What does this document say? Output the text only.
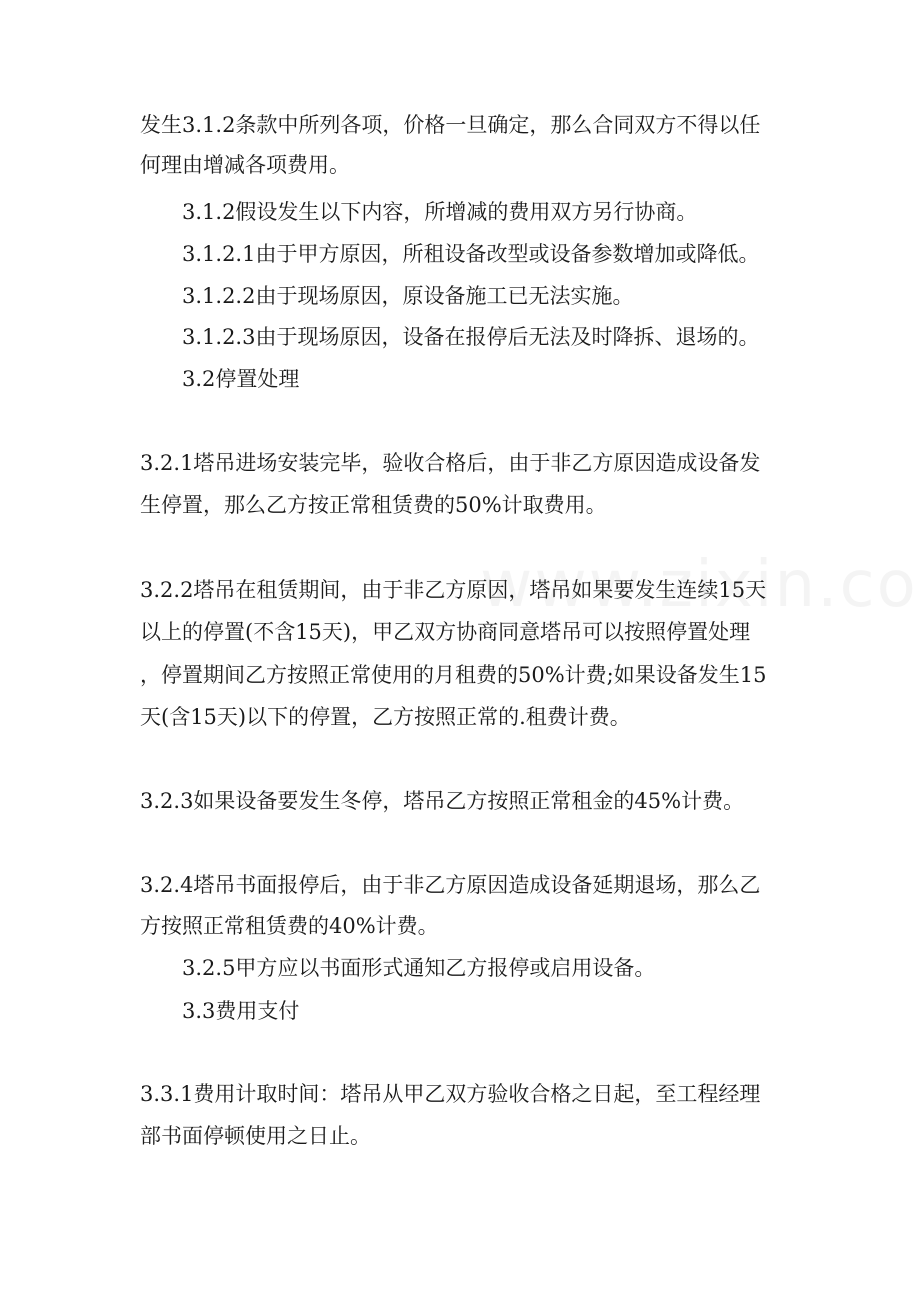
发生3.1.2条款中所列各项，价格一旦确定，那么合同双方不得以任
何理由增减各项费用。
3.1.2假设发生以下内容，所增减的费用双方另行协商。
3.1.2.1由于甲方原因，所租设备改型或设备参数增加或降低。
3.1.2.2由于现场原因，原设备施工已无法实施。
3.1.2.3由于现场原因，设备在报停后无法及时降拆、退场的。
3.2停置处理
3.2.1塔吊进场安装完毕，验收合格后，由于非乙方原因造成设备发
生停置，那么乙方按正常租赁费的50%计取费用。
3.2.2塔吊在租赁期间，由于非乙方原因，塔吊如果要发生连续15天
以上的停置(不含15天)，甲乙双方协商同意塔吊可以按照停置处理
，停置期间乙方按照正常使用的月租费的50%计费;如果设备发生15
天(含15天)以下的停置，乙方按照正常的.租费计费。
3.2.3如果设备要发生冬停，塔吊乙方按照正常租金的45%计费。
3.2.4塔吊书面报停后，由于非乙方原因造成设备延期退场，那么乙
方按照正常租赁费的40%计费。
3.2.5甲方应以书面形式通知乙方报停或启用设备。
3.3费用支付
3.3.1费用计取时间：塔吊从甲乙双方验收合格之日起，至工程经理
部书面停顿使用之日止。
